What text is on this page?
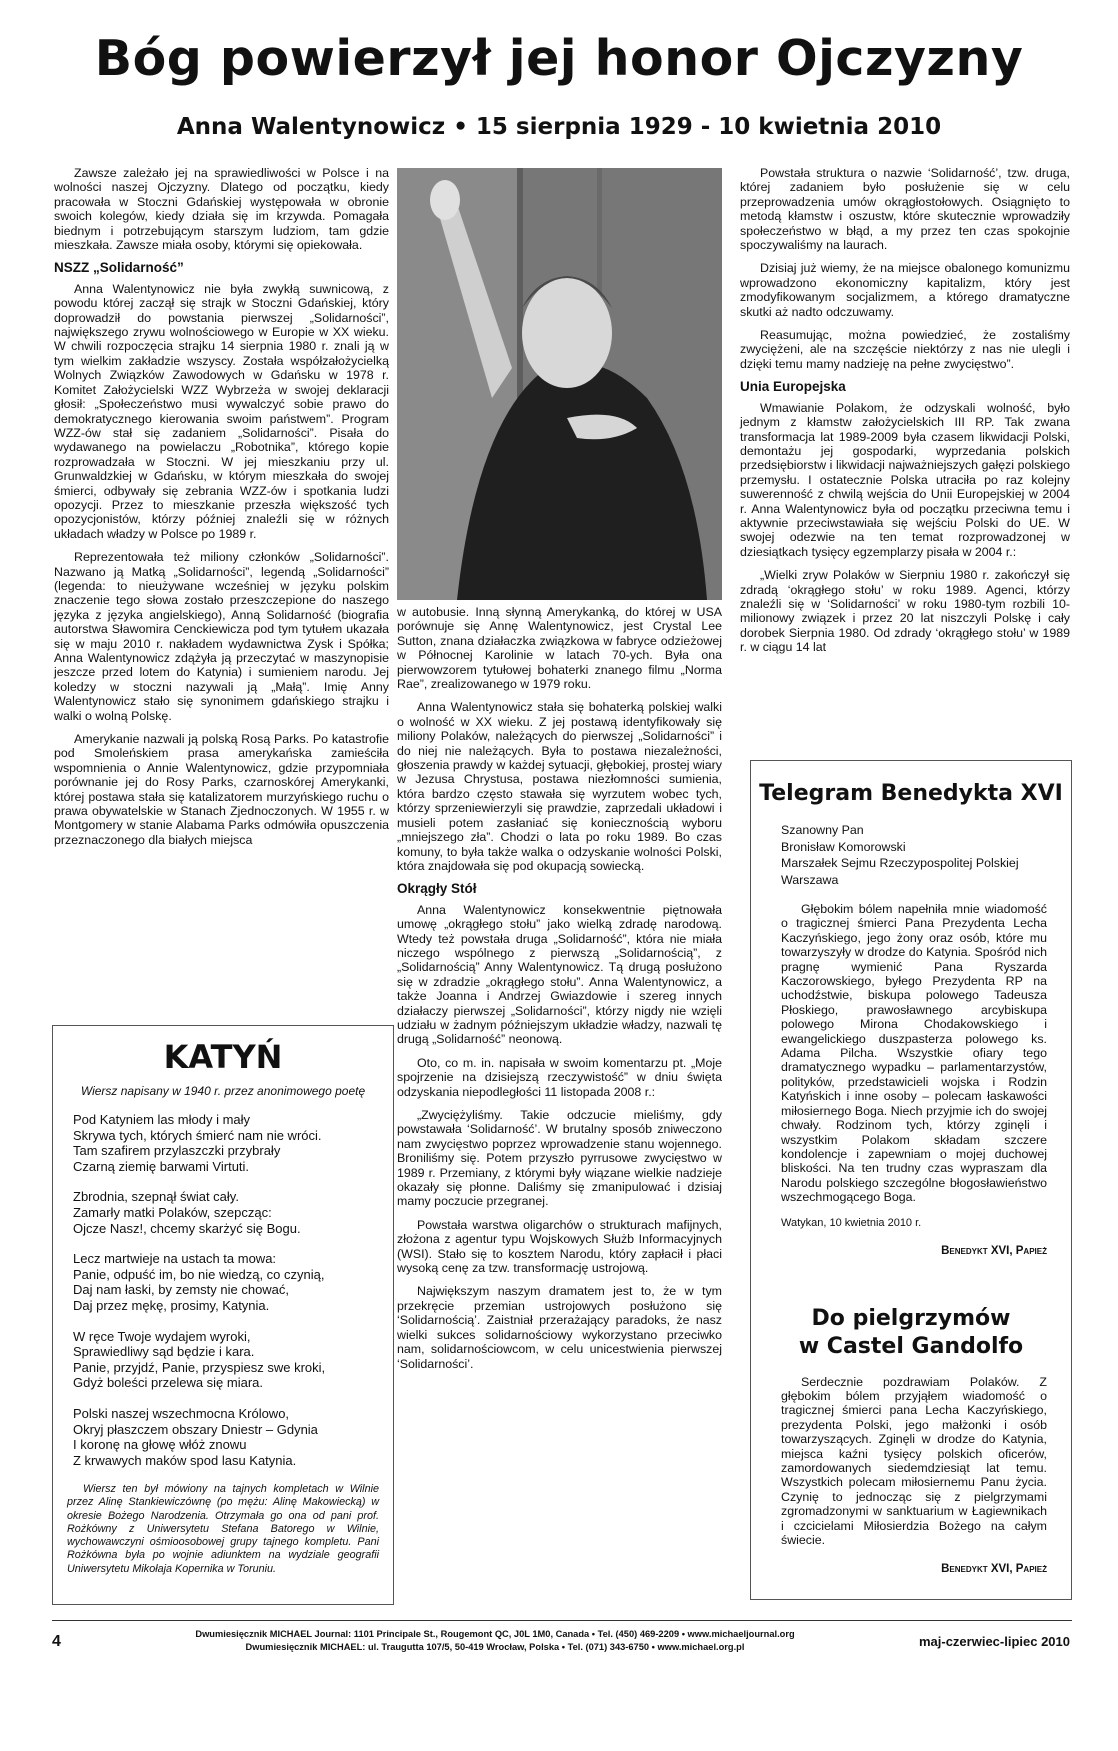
Bóg powierzył jej honor Ojczyzny
Anna Walentynowicz • 15 sierpnia 1929 - 10 kwietnia 2010

Zawsze zależało jej na sprawiedliwości w Polsce i na wolności naszej Ojczyzny. Dlatego od początku, kiedy pracowała w Stoczni Gdańskiej występowała w obronie swoich kolegów, kiedy działa się im krzywda. Pomagała biednym i potrzebującym starszym ludziom, tam gdzie mieszkała. Zawsze miała osoby, którymi się opiekowała.

NSZZ „Solidarność”

Anna Walentynowicz nie była zwykłą suwnicową, z powodu której zaczął się strajk w Stoczni Gdańskiej, który doprowadził do powstania pierwszej „Solidarności”, największego zrywu wolnościowego w Europie w XX wieku. W chwili rozpoczęcia strajku 14 sierpnia 1980 r. znali ją w tym wielkim zakładzie wszyscy. Została współzałożycielką Wolnych Związków Zawodowych w Gdańsku w 1978 r. Komitet Założycielski WZZ Wybrzeża w swojej deklaracji głosił: „Społeczeństwo musi wywalczyć sobie prawo do demokratycznego kierowania swoim państwem”. Program WZZ-ów stał się zadaniem „Solidarności”. Pisała do wydawanego na powielaczu „Robotnika”, którego kopie rozprowadzała w Stoczni. W jej mieszkaniu przy ul. Grunwaldzkiej w Gdańsku, w którym mieszkała do swojej śmierci, odbywały się zebrania WZZ-ów i spotkania ludzi opozycji. Przez to mieszkanie przeszła większość tych opozycjonistów, którzy później znaleźli się w różnych układach władzy w Polsce po 1989 r.

Reprezentowała też miliony członków „Solidarności”. Nazwano ją Matką „Solidarności”, legendą „Solidarności” (legenda: to nieużywane wcześniej w języku polskim znaczenie tego słowa zostało przeszczepione do naszego języka z języka angielskiego), Anną Solidarność (biografia autorstwa Sławomira Cenckiewicza pod tym tytułem ukazała się w maju 2010 r. nakładem wydawnictwa Zysk i Spółka; Anna Walentynowicz zdążyła ją przeczytać w maszynopisie jeszcze przed lotem do Katynia) i sumieniem narodu. Jej koledzy w stoczni nazywali ją „Małą”. Imię Anny Walentynowicz stało się synonimem gdańskiego strajku i walki o wolną Polskę.

Amerykanie nazwali ją polską Rosą Parks. Po katastrofie pod Smoleńskiem prasa amerykańska zamieściła wspomnienia o Annie Walentynowicz, gdzie przypomniała porównanie jej do Rosy Parks, czarnoskórej Amerykanki, której postawa stała się katalizatorem murzyńskiego ruchu o prawa obywatelskie w Stanach Zjednoczonych. W 1955 r. w Montgomery w stanie Alabama Parks odmówiła opuszczenia przeznaczonego dla białych miejsca

w autobusie. Inną słynną Amerykanką, do której w USA porównuje się Annę Walentynowicz, jest Crystal Lee Sutton, znana działaczka związkowa w fabryce odzieżowej w Północnej Karolinie w latach 70-ych. Była ona pierwowzorem tytułowej bohaterki znanego filmu „Norma Rae”, zrealizowanego w 1979 roku.

Anna Walentynowicz stała się bohaterką polskiej walki o wolność w XX wieku. Z jej postawą identyfikowały się miliony Polaków, należących do pierwszej „Solidarności” i do niej nie należących. Była to postawa niezależności, głoszenia prawdy w każdej sytuacji, głębokiej, prostej wiary w Jezusa Chrystusa, postawa niezłomności sumienia, która bardzo często stawała się wyrzutem wobec tych, którzy sprzeniewierzyli się prawdzie, zaprzedali układowi i musieli potem zasłaniać się koniecznością wyboru „mniejszego zła”. Chodzi o lata po roku 1989. Bo czas komuny, to była także walka o odzyskanie wolności Polski, która znajdowała się pod okupacją sowiecką.

Okrągły Stół

Anna Walentynowicz konsekwentnie piętnowała umowę „okrągłego stołu” jako wielką zdradę narodową. Wtedy też powstała druga „Solidarność”, która nie miała niczego wspólnego z pierwszą „Solidarnością”, z „Solidarnością” Anny Walentynowicz. Tą drugą posłużono się w zdradzie „okrągłego stołu”. Anna Walentynowicz, a także Joanna i Andrzej Gwiazdowie i szereg innych działaczy pierwszej „Solidarności”, którzy nigdy nie wzięli udziału w żadnym późniejszym układzie władzy, nazwali tę drugą „Solidarność” neonową.

Oto, co m. in. napisała w swoim komentarzu pt. „Moje spojrzenie na dzisiejszą rzeczywistość” w dniu święta odzyskania niepodległości 11 listopada 2008 r.:

„Zwyciężyliśmy. Takie odczucie mieliśmy, gdy powstawała ‘Solidarność’. W brutalny sposób zniweczono nam zwycięstwo poprzez wprowadzenie stanu wojennego. Broniliśmy się. Potem przyszło pyrrusowe zwycięstwo w 1989 r. Przemiany, z którymi były wiązane wielkie nadzieje okazały się płonne. Daliśmy się zmanipulować i dzisiaj mamy poczucie przegranej.

Powstała warstwa oligarchów o strukturach mafijnych, złożona z agentur typu Wojskowych Służb Informacyjnych (WSI). Stało się to kosztem Narodu, który zapłacił i płaci wysoką cenę za tzw. transformację ustrojową.

Największym naszym dramatem jest to, że w tym przekręcie przemian ustrojowych posłużono się ‘Solidarnością’. Zaistniał przerażający paradoks, że nasz wielki sukces solidarnościowy wykorzystano przeciwko nam, solidarnościowcom, w celu unicestwienia pierwszej ‘Solidarności’.

Powstała struktura o nazwie ‘Solidarność’, tzw. druga, której zadaniem było posłużenie się w celu przeprowadzenia umów okrągłostołowych. Osiągnięto to metodą kłamstw i oszustw, które skutecznie wprowadziły społeczeństwo w błąd, a my przez ten czas spokojnie spoczywaliśmy na laurach.

Dzisiaj już wiemy, że na miejsce obalonego komunizmu wprowadzono ekonomiczny kapitalizm, który jest zmodyfikowanym socjalizmem, a którego dramatyczne skutki aż nadto odczuwamy.

Reasumując, można powiedzieć, że zostaliśmy zwyciężeni, ale na szczęście niektórzy z nas nie ulegli i dzięki temu mamy nadzieję na pełne zwycięstwo”.

Unia Europejska

Wmawianie Polakom, że odzyskali wolność, było jednym z kłamstw założycielskich III RP. Tak zwana transformacja lat 1989-2009 była czasem likwidacji Polski, demontażu jej gospodarki, wyprzedania polskich przedsiębiorstw i likwidacji najważniejszych gałęzi polskiego przemysłu. I ostatecznie Polska utraciła po raz kolejny suwerenność z chwilą wejścia do Unii Europejskiej w 2004 r. Anna Walentynowicz była od początku przeciwna temu i aktywnie przeciwstawiała się wejściu Polski do UE. W swojej odezwie na ten temat rozprowadzonej w dziesiątkach tysięcy egzemplarzy pisała w 2004 r.:

„Wielki zryw Polaków w Sierpniu 1980 r. zakończył się zdradą ‘okrągłego stołu’ w roku 1989. Agenci, którzy znaleźli się w ‘Solidarności’ w roku 1980-tym rozbili 10-milionowy związek i przez 20 lat niszczyli Polskę i cały dorobek Sierpnia 1980. Od zdrady ‘okrągłego stołu’ w 1989 r. w ciągu 14 lat

KATYŃ
Wiersz napisany w 1940 r. przez anonimowego poetę
Pod Katyniem las młody i mały
Skrywa tych, których śmierć nam nie wróci.
Tam szafirem przylaszczki przybrały
Czarną ziemię barwami Virtuti.
Zbrodnia, szepnął świat cały.
Zamarły matki Polaków, szepcząc:
Ojcze Nasz!, chcemy skarżyć się Bogu.
Lecz martwieje na ustach ta mowa:
Panie, odpuść im, bo nie wiedzą, co czynią,
Daj nam łaski, by zemsty nie chować,
Daj przez mękę, prosimy, Katynia.
W ręce Twoje wydajem wyroki,
Sprawiedliwy sąd będzie i kara.
Panie, przyjdź, Panie, przyspiesz swe kroki,
Gdyż boleści przelewa się miara.
Polski naszej wszechmocna Królowo,
Okryj płaszczem obszary Dniestr – Gdynia
I koronę na głowę włóż znowu
Z krwawych maków spod lasu Katynia.
Wiersz ten był mówiony na tajnych kompletach w Wilnie przez Alinę Stankiewiczównę (po mężu: Alinę Makowiecką) w okresie Bożego Narodzenia. Otrzymała go ona od pani prof. Rożkówny z Uniwersytetu Stefana Batorego w Wilnie, wychowawczyni ośmioosobowej grupy tajnego kompletu. Pani Rożkówna była po wojnie adiunktem na wydziale geografii Uniwersytetu Mikołaja Kopernika w Toruniu.
Telegram Benedykta XVI
Szanowny Pan
Bronisław Komorowski
Marszałek Sejmu Rzeczypospolitej Polskiej
Warszawa
Głębokim bólem napełniła mnie wiadomość o tragicznej śmierci Pana Prezydenta Lecha Kaczyńskiego, jego żony oraz osób, które mu towarzyszyły w drodze do Katynia. Spośród nich pragnę wymienić Pana Ryszarda Kaczorowskiego, byłego Prezydenta RP na uchodźstwie, biskupa polowego Tadeusza Płoskiego, prawosławnego arcybiskupa polowego Mirona Chodakowskiego i ewangelickiego duszpasterza polowego ks. Adama Pilcha. Wszystkie ofiary tego dramatycznego wypadku – parlamentarzystów, polityków, przedstawicieli wojska i Rodzin Katyńskich i inne osoby – polecam łaskawości miłosiernego Boga. Niech przyjmie ich do swojej chwały. Rodzinom tych, którzy zginęli i wszystkim Polakom składam szczere kondolencje i zapewniam o mojej duchowej bliskości. Na ten trudny czas wypraszam dla Narodu polskiego szczególne błogosławieństwo wszechmogącego Boga.
Watykan, 10 kwietnia 2010 r.
Benedykt XVI, Papież
Do pielgrzymów
w Castel Gandolfo
Serdecznie pozdrawiam Polaków. Z głębokim bólem przyjąłem wiadomość o tragicznej śmierci pana Lecha Kaczyńskiego, prezydenta Polski, jego małżonki i osób towarzyszących. Zginęli w drodze do Katynia, miejsca kaźni tysięcy polskich oficerów, zamordowanych siedemdziesiąt lat temu. Wszystkich polecam miłosiernemu Panu życia. Czynię to jednocząc się z pielgrzymami zgromadzonymi w sanktuarium w Łagiewnikach i czcicielami Miłosierdzia Bożego na całym świecie.
Benedykt XVI, Papież
4	Dwumiesięcznik MICHAEL Journal: 1101 Principale St., Rougemont QC, J0L 1M0, Canada • Tel. (450) 469-2209 • www.michaeljournal.org
Dwumiesięcznik MICHAEL: ul. Traugutta 107/5, 50-419 Wrocław, Polska • Tel. (071) 343-6750 • www.michael.org.pl	maj-czerwiec-lipiec 2010
